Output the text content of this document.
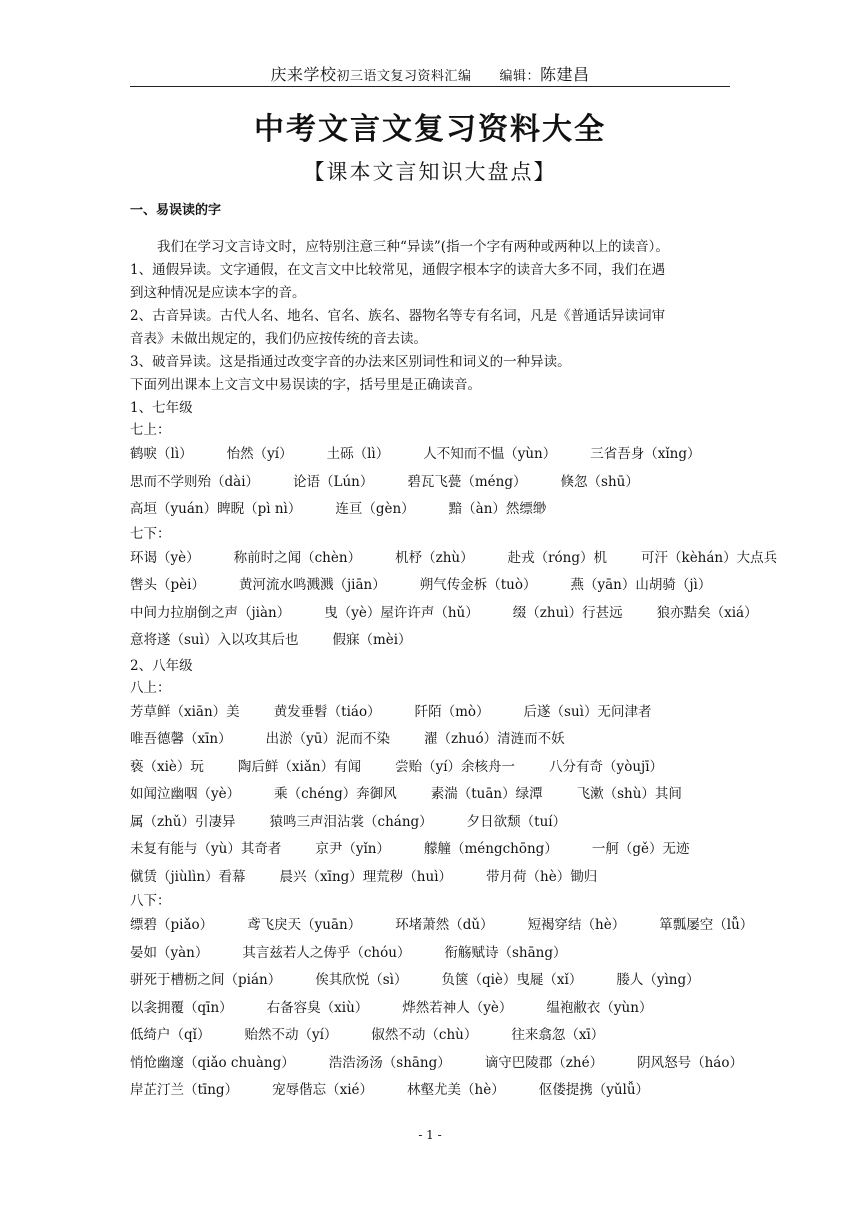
庆来学校初三语文复习资料汇编 编辑：陈建昌
中考文言文复习资料大全
【课本文言知识大盘点】
一、易误读的字
我们在学习文言诗文时，应特别注意三种“异读”(指一个字有两种或两种以上的读音）。
1、通假异读。文字通假，在文言文中比较常见，通假字根本字的读音大多不同，我们在遇
到这种情况是应读本字的音。
2、古音异读。古代人名、地名、官名、族名、器物名等专有名词，凡是《普通话异读词审
音表》未做出规定的，我们仍应按传统的音去读。
3、破音异读。这是指通过改变字音的办法来区别词性和词义的一种异读。
下面列出课本上文言文中易误读的字，括号里是正确读音。
1、七年级
七上：
鹤唳（lì）	怡然（yí）	土砾（lì）	人不知而不愠（yùn）	三省吾身（xǐng）
思而不学则殆（dài）	论语（Lún）	碧瓦飞甍（méng）	倏忽（shū）
高垣（yuán）睥睨（pì nì）	连亘（gèn）	黯（àn）然缥缈
七下：
环谒（yè）	称前时之闻（chèn）	机杼（zhù）	赴戎（róng）机	可汗（kèhán）大点兵
辔头（pèi）	黄河流水鸣溅溅（jiān）	朔气传金柝（tuò）	燕（yān）山胡骑（jì）
中间力拉崩倒之声（jiàn）	曳（yè）屋许许声（hǔ）	缀（zhuì）行甚远	狼亦黠矣（xiá）
意将遂（suì）入以攻其后也	假寐（mèi）
2、八年级
八上：
芳草鲜（xiān）美	黄发垂髫（tiáo）	阡陌（mò）	后遂（suì）无问津者
唯吾德馨（xīn）	出淤（yū）泥而不染	濯（zhuó）清涟而不妖
亵（xiè）玩	陶后鲜（xiǎn）有闻	尝贻（yí）余核舟一	八分有奇（yòujī）
如闻泣幽咽（yè）	乘（chéng）奔御风	素湍（tuān）绿潭	飞漱（shù）其间
属（zhǔ）引凄异	猿鸣三声泪沾裳（cháng）	夕日欲颓（tuí）
未复有能与（yù）其奇者	京尹（yǐn）	艨艟（méngchōng）	一舸（gě）无迹
僦赁（jiùlìn）看幕	晨兴（xīng）理荒秽（huì）	带月荷（hè）锄归
八下：
缥碧（piǎo）	鸢飞戾天（yuān）	环堵萧然（dǔ）	短褐穿结（hè）	箪瓢屡空（lǚ）
晏如（yàn）	其言兹若人之俦乎（chóu）	衔觞赋诗（shāng）
骈死于槽枥之间（pián）	俟其欣悦（sì）	负箧（qiè）曳屣（xǐ）	媵人（yìng）
以衾拥覆（qīn）	右备容臭（xiù）	烨然若神人（yè）	缊袍敝衣（yùn）
低绮户（qǐ）	贻然不动（yí）	俶然不动（chù）	往来翕忽（xī）
悄怆幽邃（qiǎo chuàng）	浩浩汤汤（shāng）	谪守巴陵郡（zhé）	阴风怒号（háo）
岸芷汀兰（tīng）	宠辱偕忘（xié）	林壑尤美（hè）	伛偻提携（yǔlǚ）
- 1 -
